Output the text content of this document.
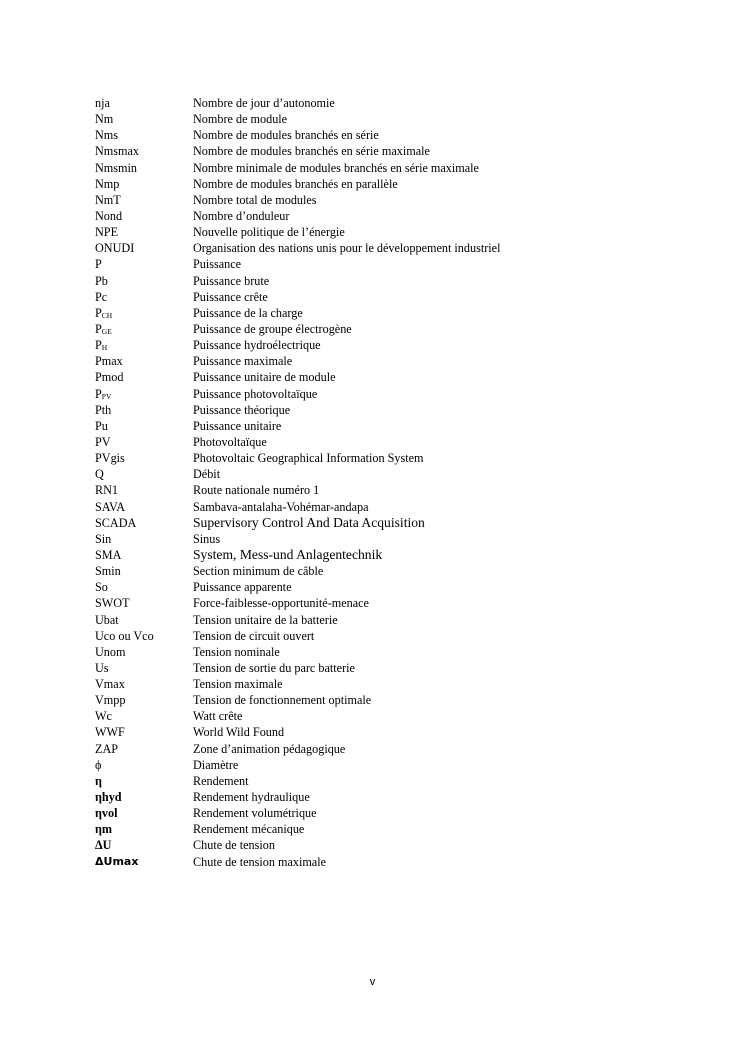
nja	Nombre de jour d’autonomie
Nm	Nombre de module
Nms	Nombre de modules branchés en série
Nmsmax	Nombre de modules branchés en série maximale
Nmsmin	Nombre minimale de modules branchés en série maximale
Nmp	Nombre de modules branchés en parallèle
NmT	Nombre total de modules
Nond	Nombre d’onduleur
NPE	Nouvelle politique de l’énergie
ONUDI	Organisation des nations unis pour le développement industriel
P	Puissance
Pb	Puissance brute
Pc	Puissance crête
$P_{CH}$	Puissance de la charge
$P_{GE}$	Puissance de groupe électrogène
$P_H$	Puissance hydroélectrique
Pmax	Puissance maximale
Pmod	Puissance unitaire de module
$P_{PV}$	Puissance photovoltaïque
Pth	Puissance théorique
Pu	Puissance unitaire
PV	Photovoltaïque
PVgis	Photovoltaic Geographical Information System
Q	Débit
RN1	Route nationale numéro 1
SAVA	Sambava-antalaha-Vohémar-andapa
SCADA	Supervisory Control And Data Acquisition
Sin	Sinus
SMA	System, Mess-und Anlagentechnik
Smin	Section minimum de câble
So	Puissance apparente
SWOT	Force-faiblesse-opportunité-menace
Ubat	Tension unitaire de la batterie
Uco ou Vco	Tension de circuit ouvert
Unom	Tension nominale
Us	Tension de sortie du parc batterie
Vmax	Tension maximale
Vmpp	Tension de fonctionnement optimale
Wc	Watt crête
WWF	World Wild Found
ZAP	Zone d’animation pédagogique
ϕ	Diamètre
η	Rendement
ηhyd	Rendement hydraulique
ηvol	Rendement volumétrique
ηm	Rendement mécanique
ΔU	Chute de tension
ΔUmax	Chute de tension maximale
v
